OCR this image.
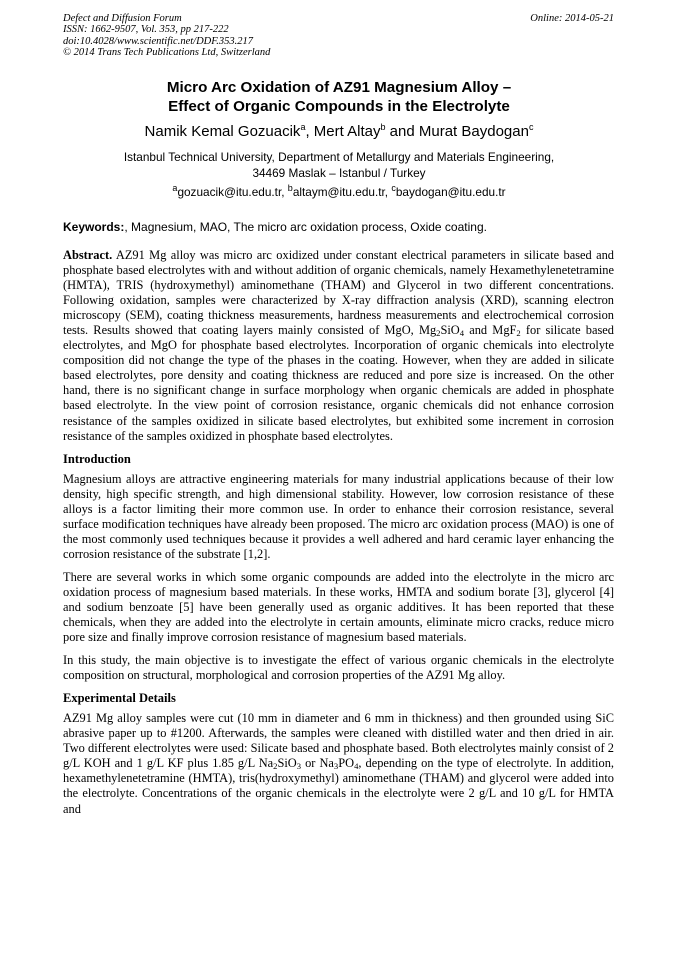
Defect and Diffusion Forum
ISSN: 1662-9507, Vol. 353, pp 217-222
doi:10.4028/www.scientific.net/DDF.353.217
© 2014 Trans Tech Publications Ltd, Switzerland
Online: 2014-05-21
Micro Arc Oxidation of AZ91 Magnesium Alloy –
Effect of Organic Compounds in the Electrolyte
Namik Kemal Gozuacik$^a$, Mert Altay$^b$ and Murat Baydogan$^c$
Istanbul Technical University, Department of Metallurgy and Materials Engineering,
34469 Maslak – Istanbul / Turkey
$^a$gozuacik@itu.edu.tr, $^b$altaym@itu.edu.tr, $^c$baydogan@itu.edu.tr
Keywords:, Magnesium, MAO, The micro arc oxidation process, Oxide coating.

Abstract. AZ91 Mg alloy was micro arc oxidized under constant electrical parameters in silicate based and phosphate based electrolytes with and without addition of organic chemicals, namely Hexamethylenetetramine (HMTA), TRIS (hydroxymethyl) aminomethane (THAM) and Glycerol in two different concentrations. Following oxidation, samples were characterized by X-ray diffraction analysis (XRD), scanning electron microscopy (SEM), coating thickness measurements, hardness measurements and electrochemical corrosion tests. Results showed that coating layers mainly consisted of MgO, $Mg_2SiO_4$ and MgF$_2$ for silicate based electrolytes, and MgO for phosphate based electrolytes. Incorporation of organic chemicals into electrolyte composition did not change the type of the phases in the coating. However, when they are added in silicate based electrolytes, pore density and coating thickness are reduced and pore size is increased. On the other hand, there is no significant change in surface morphology when organic chemicals are added in phosphate based electrolyte. In the view point of corrosion resistance, organic chemicals did not enhance corrosion resistance of the samples oxidized in silicate based electrolytes, but exhibited some increment in corrosion resistance of the samples oxidized in phosphate based electrolytes.

Introduction

Magnesium alloys are attractive engineering materials for many industrial applications because of their low density, high specific strength, and high dimensional stability. However, low corrosion resistance of these alloys is a factor limiting their more common use. In order to enhance their corrosion resistance, several surface modification techniques have already been proposed. The micro arc oxidation process (MAO) is one of the most commonly used techniques because it provides a well adhered and hard ceramic layer enhancing the corrosion resistance of the substrate [1,2].

There are several works in which some organic compounds are added into the electrolyte in the micro arc oxidation process of magnesium based materials. In these works, HMTA and sodium borate [3], glycerol [4] and sodium benzoate [5] have been generally used as organic additives. It has been reported that these chemicals, when they are added into the electrolyte in certain amounts, eliminate micro cracks, reduce micro pore size and finally improve corrosion resistance of magnesium based materials.

In this study, the main objective is to investigate the effect of various organic chemicals in the electrolyte composition on structural, morphological and corrosion properties of the AZ91 Mg alloy.

Experimental Details

AZ91 Mg alloy samples were cut (10 mm in diameter and 6 mm in thickness) and then grounded using SiC abrasive paper up to #1200. Afterwards, the samples were cleaned with distilled water and then dried in air. Two different electrolytes were used: Silicate based and phosphate based. Both electrolytes mainly consist of 2 g/L KOH and 1 g/L KF plus 1.85 g/L $Na_2SiO_3$ or $Na_3PO_4$, depending on the type of electrolyte. In addition, hexamethylenetetramine (HMTA), tris(hydroxymethyl) aminomethane (THAM) and glycerol were added into the electrolyte. Concentrations of the organic chemicals in the electrolyte were 2 g/L and 10 g/L for HMTA and
